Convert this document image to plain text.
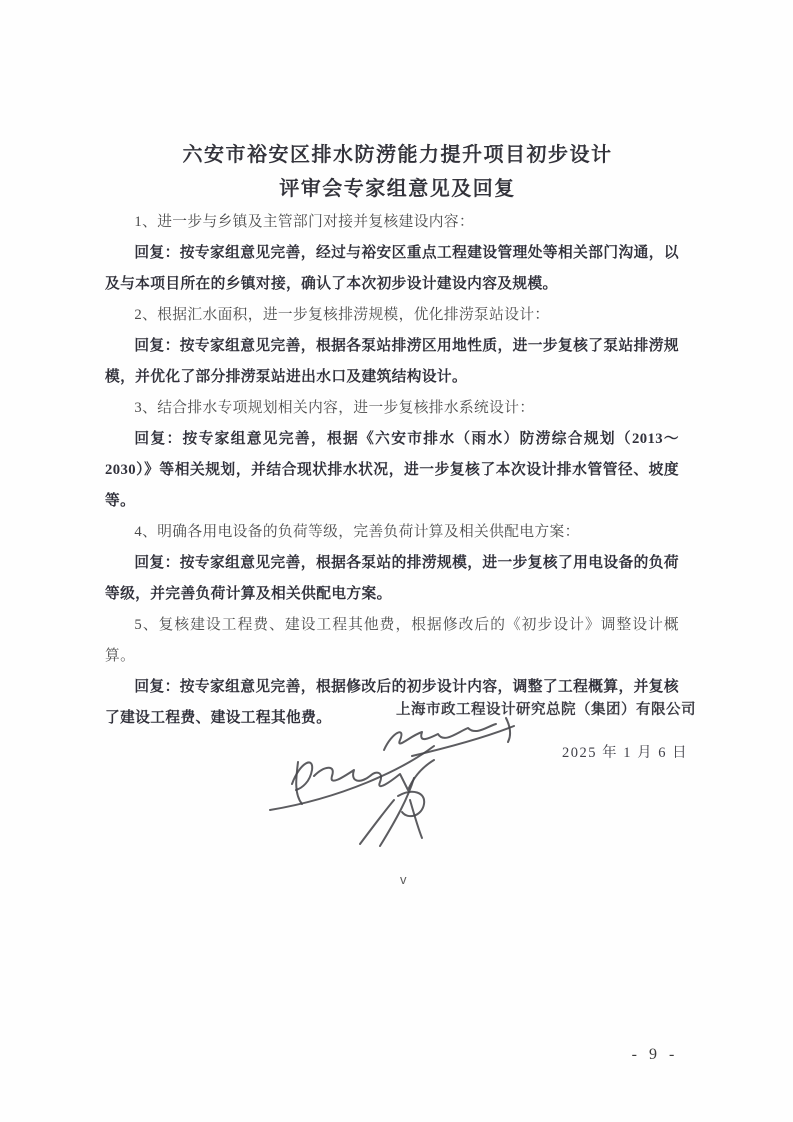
六安市裕安区排水防涝能力提升项目初步设计
评审会专家组意见及回复

1、进一步与乡镇及主管部门对接并复核建设内容：

回复：按专家组意见完善，经过与裕安区重点工程建设管理处等相关部门沟通，以及与本项目所在的乡镇对接，确认了本次初步设计建设内容及规模。

2、根据汇水面积，进一步复核排涝规模，优化排涝泵站设计：

回复：按专家组意见完善，根据各泵站排涝区用地性质，进一步复核了泵站排涝规模，并优化了部分排涝泵站进出水口及建筑结构设计。

3、结合排水专项规划相关内容，进一步复核排水系统设计：

回复：按专家组意见完善，根据《六安市排水（雨水）防涝综合规划（2013～2030）》等相关规划，并结合现状排水状况，进一步复核了本次设计排水管管径、坡度等。

4、明确各用电设备的负荷等级，完善负荷计算及相关供配电方案：

回复：按专家组意见完善，根据各泵站的排涝规模，进一步复核了用电设备的负荷等级，并完善负荷计算及相关供配电方案。

5、复核建设工程费、建设工程其他费，根据修改后的《初步设计》调整设计概算。

回复：按专家组意见完善，根据修改后的初步设计内容，调整了工程概算，并复核了建设工程费、建设工程其他费。	上海市政工程设计研究总院（集团）有限公司
2025 年 1 月 6 日
v
- 9 -
